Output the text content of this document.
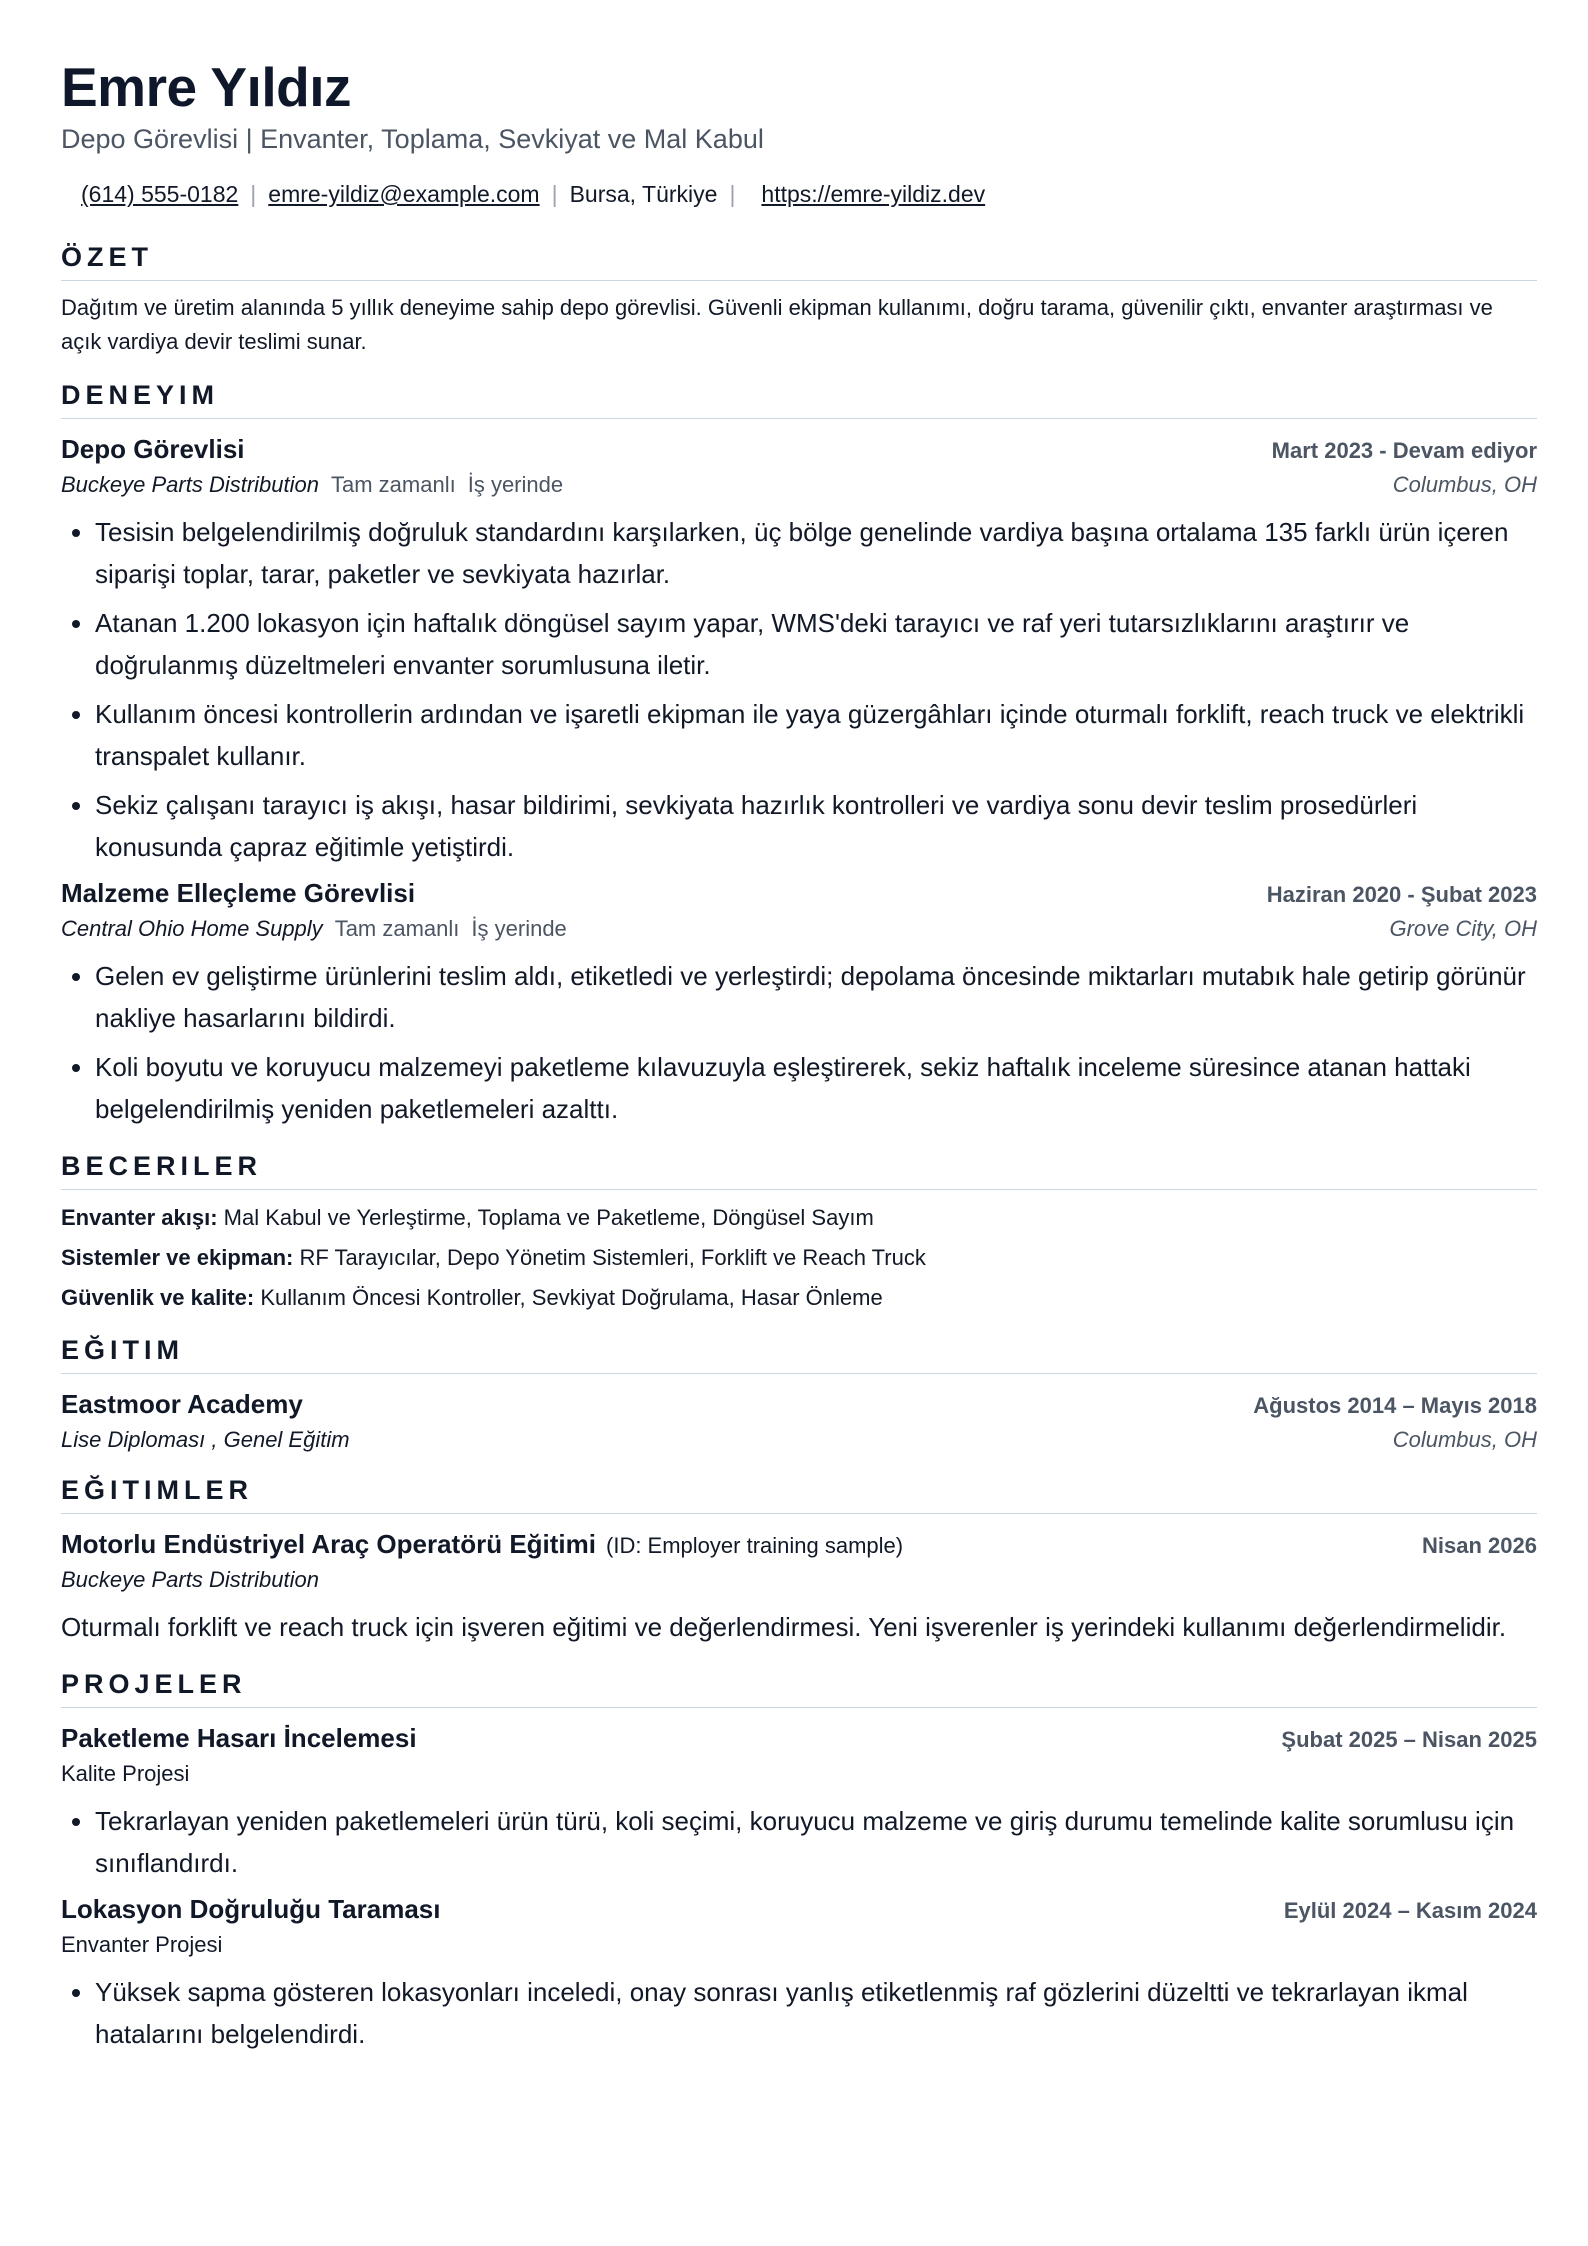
Emre Yıldız
Depo Görevlisi | Envanter, Toplama, Sevkiyat ve Mal Kabul
(614) 555-0182 | emre-yildiz@example.com | Bursa, Türkiye | https://emre-yildiz.dev
ÖZET
Dağıtım ve üretim alanında 5 yıllık deneyime sahip depo görevlisi. Güvenli ekipman kullanımı, doğru tarama, güvenilir çıktı, envanter araştırması ve açık vardiya devir teslimi sunar.
DENEYIM
Depo Görevlisi	Mart 2023 - Devam ediyor
Buckeye Parts Distribution Tam zamanlı İş yerinde	Columbus, OH
• Tesisin belgelendirilmiş doğruluk standardını karşılarken, üç bölge genelinde vardiya başına ortalama 135 farklı ürün içeren siparişi toplar, tarar, paketler ve sevkiyata hazırlar.
• Atanan 1.200 lokasyon için haftalık döngüsel sayım yapar, WMS'deki tarayıcı ve raf yeri tutarsızlıklarını araştırır ve doğrulanmış düzeltmeleri envanter sorumlusuna iletir.
• Kullanım öncesi kontrollerin ardından ve işaretli ekipman ile yaya güzergâhları içinde oturmalı forklift, reach truck ve elektrikli transpalet kullanır.
• Sekiz çalışanı tarayıcı iş akışı, hasar bildirimi, sevkiyata hazırlık kontrolleri ve vardiya sonu devir teslim prosedürleri konusunda çapraz eğitimle yetiştirdi.
Malzeme Elleçleme Görevlisi	Haziran 2020 - Şubat 2023
Central Ohio Home Supply Tam zamanlı İş yerinde	Grove City, OH
• Gelen ev geliştirme ürünlerini teslim aldı, etiketledi ve yerleştirdi; depolama öncesinde miktarları mutabık hale getirip görünür nakliye hasarlarını bildirdi.
• Koli boyutu ve koruyucu malzemeyi paketleme kılavuzuyla eşleştirerek, sekiz haftalık inceleme süresince atanan hattaki belgelendirilmiş yeniden paketlemeleri azalttı.
BECERILER
Envanter akışı: Mal Kabul ve Yerleştirme, Toplama ve Paketleme, Döngüsel Sayım
Sistemler ve ekipman: RF Tarayıcılar, Depo Yönetim Sistemleri, Forklift ve Reach Truck
Güvenlik ve kalite: Kullanım Öncesi Kontroller, Sevkiyat Doğrulama, Hasar Önleme
EĞITIM
Eastmoor Academy	Ağustos 2014 – Mayıs 2018
Lise Diploması , Genel Eğitim	Columbus, OH
EĞITIMLER
Motorlu Endüstriyel Araç Operatörü Eğitimi (ID: Employer training sample)	Nisan 2026
Buckeye Parts Distribution
Oturmalı forklift ve reach truck için işveren eğitimi ve değerlendirmesi. Yeni işverenler iş yerindeki kullanımı değerlendirmelidir.
PROJELER
Paketleme Hasarı İncelemesi	Şubat 2025 – Nisan 2025
Kalite Projesi
• Tekrarlayan yeniden paketlemeleri ürün türü, koli seçimi, koruyucu malzeme ve giriş durumu temelinde kalite sorumlusu için sınıflandırdı.
Lokasyon Doğruluğu Taraması	Eylül 2024 – Kasım 2024
Envanter Projesi
• Yüksek sapma gösteren lokasyonları inceledi, onay sonrası yanlış etiketlenmiş raf gözlerini düzeltti ve tekrarlayan ikmal hatalarını belgelendirdi.
